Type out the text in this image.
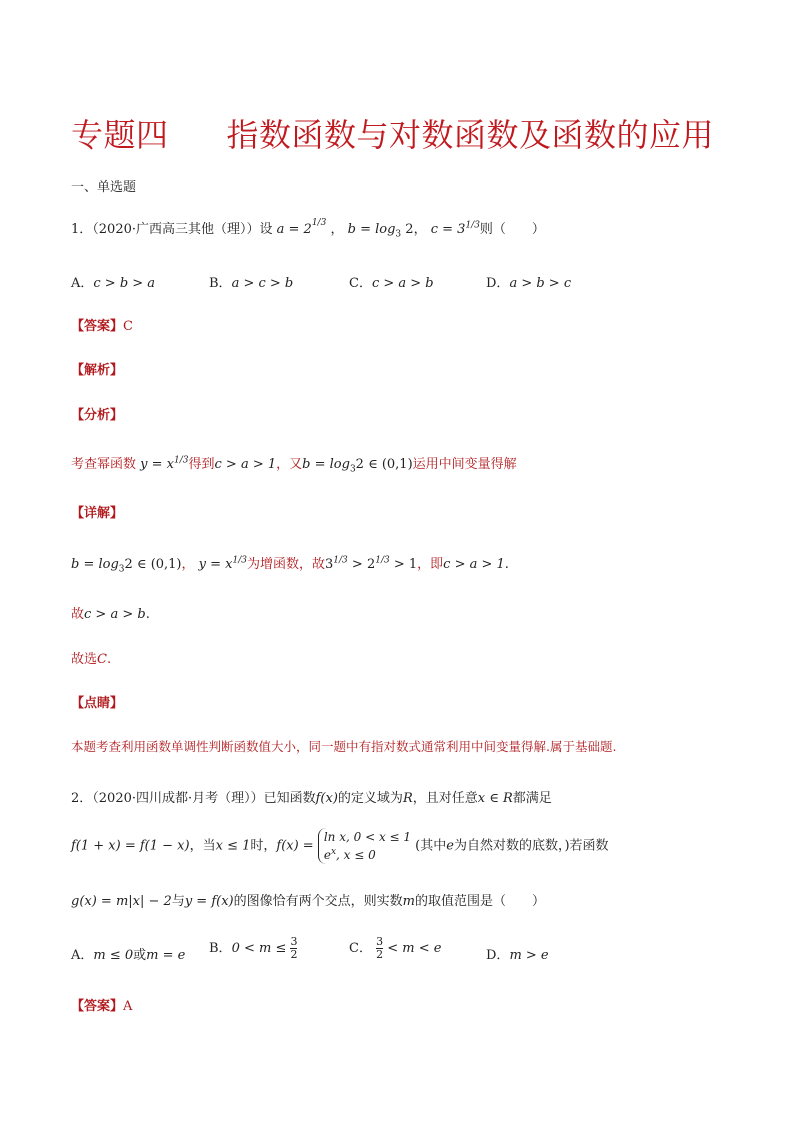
专题四 指数函数与对数函数及函数的应用
一、单选题
1．（2020·广西高三其他（理））设 $a = 2^{1/3}$ ， $b = \log_3 2$， $c = 3^{1/3}$则（　　）
A．c > b > a	B．a > c > b	C．c > a > b	D．a > b > c
【答案】C
【解析】
【分析】
考查幂函数 $y = x^{1/3}$得到c > a > 1，又$b = \log_32$ ∈ (0,1)运用中间变量得解
【详解】
$b = \log_32$ ∈ (0,1)， $y = x^{1/3}$为增函数，故$3^{1/3} > 2^{1/3} > 1$，即c > a > 1.
故c > a > b.
故选C.
【点睛】
本题考查利用函数单调性判断函数值大小，同一题中有指对数式通常利用中间变量得解.属于基础题.
2．（2020·四川成都·月考（理））已知函数f(x)的定义域为R，且对任意x ∈ R都满足
f(1 + x) = f(1 − x)，当x ≤ 1时，f(x) = ln x, 0 < x ≤ 1
$e^x$, x ≤ 0 (其中e为自然对数的底数，)若函数
g(x) = m|x| − 2与y = f(x)的图像恰有两个交点，则实数m的取值范围是（　　）
A．m ≤ 0或m = e B．$0 < m \le \frac{3}{2}$	C． $\frac{3}{2} < m < e$	D．m > e
【答案】A
